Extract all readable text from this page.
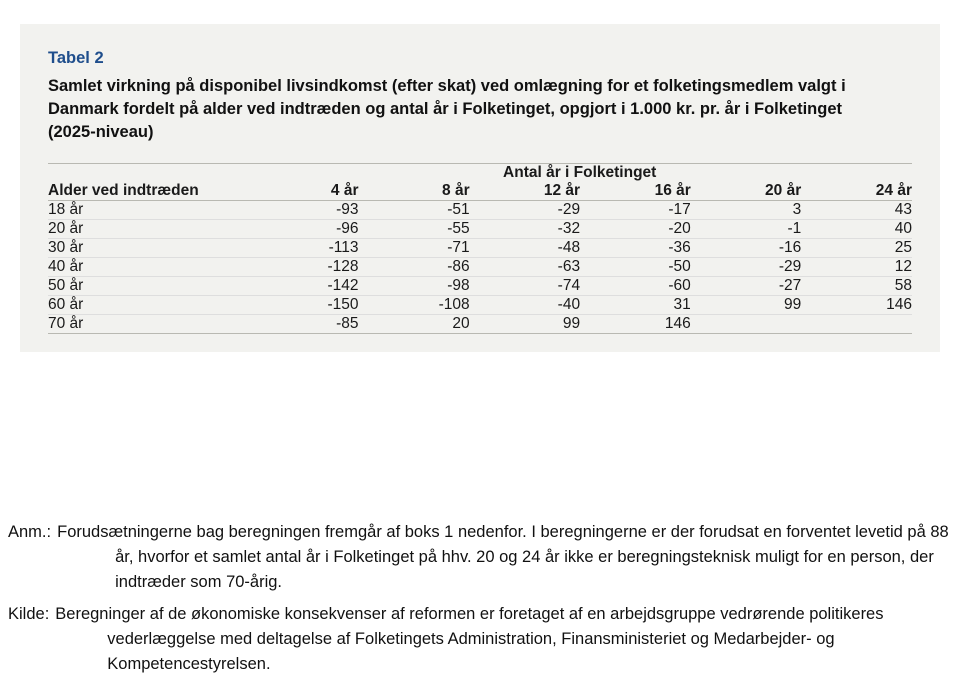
Tabel 2
Samlet virkning på disponibel livsindkomst (efter skat) ved omlægning for et folketingsmedlem valgt i Danmark fordelt på alder ved indtræden og antal år i Folketinget, opgjort i 1.000 kr. pr. år i Folketinget (2025-niveau)
	Antal år i Folketinget					
Alder ved indtræden	4 år	8 år	12 år	16 år	20 år	24 år
18 år	-93	-51	-29	-17	3	43
20 år	-96	-55	-32	-20	-1	40
30 år	-113	-71	-48	-36	-16	25
40 år	-128	-86	-63	-50	-29	12
50 år	-142	-98	-74	-60	-27	58
60 år	-150	-108	-40	31	99	146
70 år	-85	20	99	146		
Anm.: Forudsætningerne bag beregningen fremgår af boks 1 nedenfor. I beregningerne er der forudsat en forventet levetid på 88 år, hvorfor et samlet antal år i Folketinget på hhv. 20 og 24 år ikke er beregningsteknisk muligt for en person, der indtræder som 70-årig.
Kilde: Beregninger af de økonomiske konsekvenser af reformen er foretaget af en arbejdsgruppe vedrørende politikeres vederlæggelse med deltagelse af Folketingets Administration, Finansministeriet og Medarbejder- og Kompetencestyrelsen.
